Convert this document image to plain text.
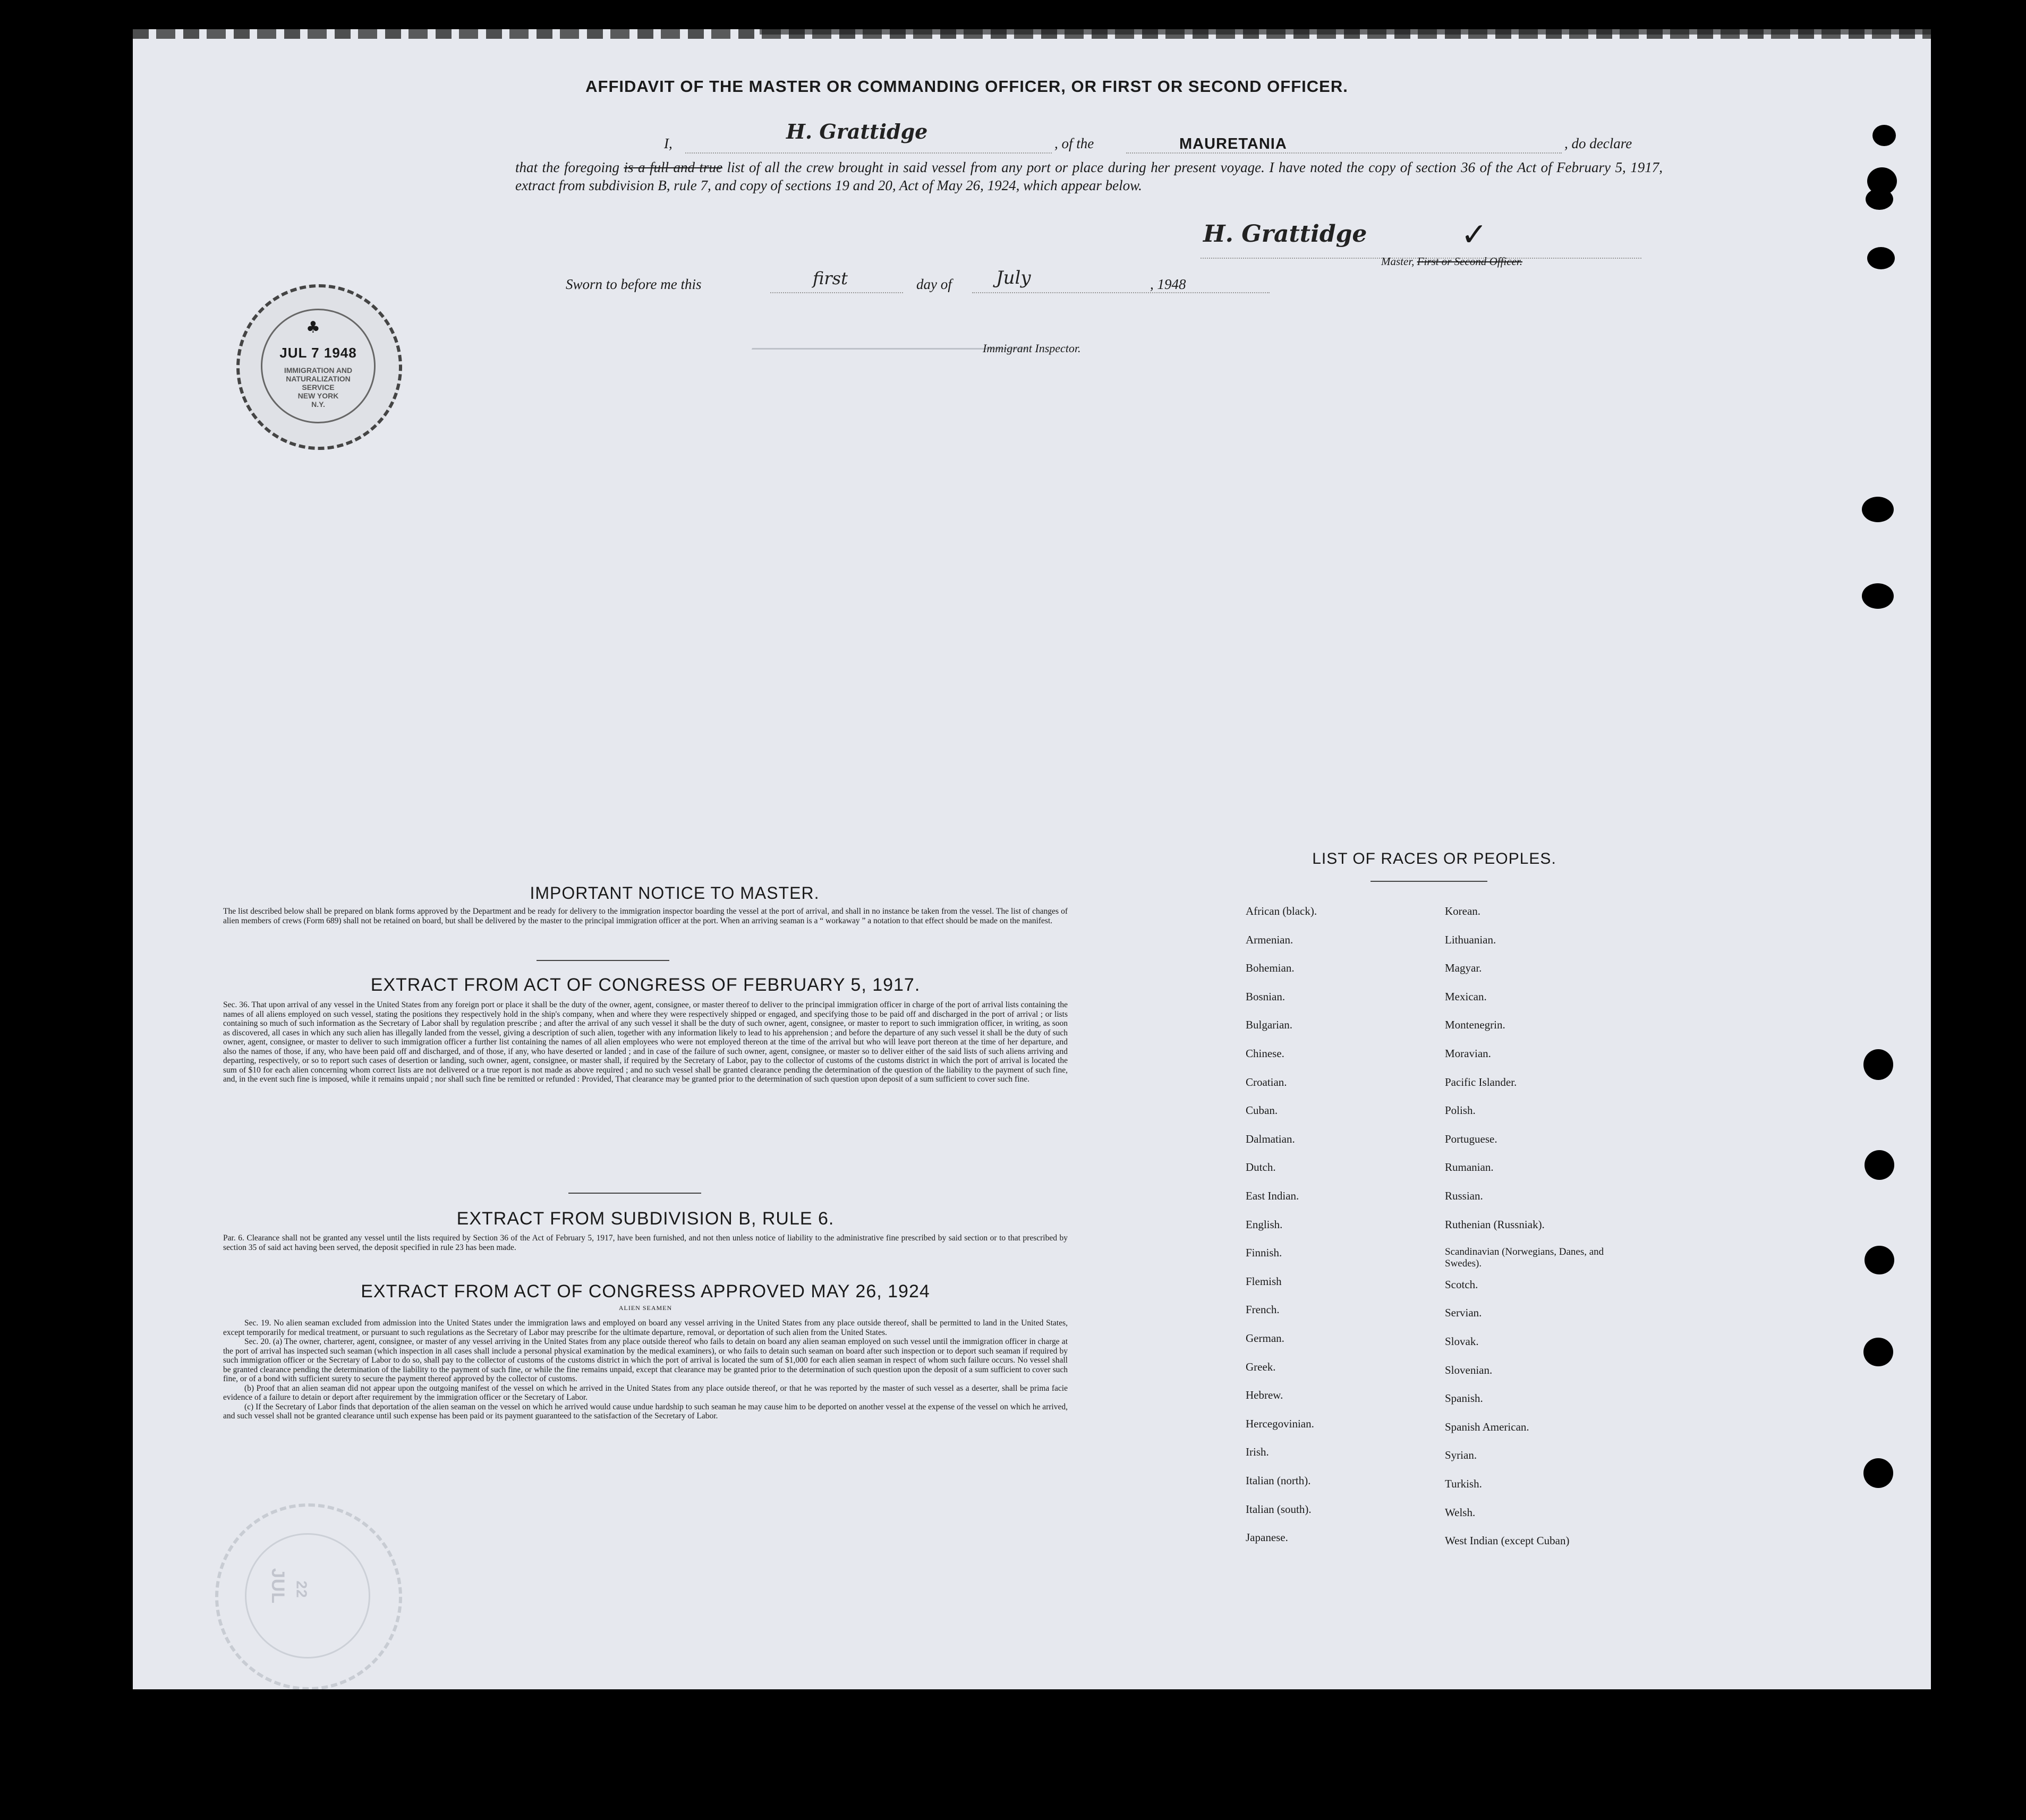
AFFIDAVIT OF THE MASTER OR COMMANDING OFFICER, OR FIRST OR SECOND OFFICER.
I,	H. Grattidge	, of the	MAURETANIA	, do declare
that the foregoing is a full and true list of all the crew brought in said vessel from any port or place during her present voyage. I have noted the copy of section 36 of the Act of February 5, 1917, extract from subdivision B, rule 7, and copy of sections 19 and 20, Act of May 26, 1924, which appear below.
H. Grattidge	✓
Master, First or Second Officer.
Sworn to before me this	first	day of July	, 1948
Immigrant Inspector.
♣
JUL 7 1948
IMMIGRATION AND
NATURALIZATION
SERVICE
NEW YORK
N.Y.
IMPORTANT NOTICE TO MASTER.
The list described below shall be prepared on blank forms approved by the Department and be ready for delivery to the immigration inspector boarding the vessel at the port of arrival, and shall in no instance be taken from the vessel. The list of changes of alien members of crews (Form 689) shall not be retained on board, but shall be delivered by the master to the principal immigration officer at the port. When an arriving seaman is a “ workaway ” a notation to that effect should be made on the manifest.
EXTRACT FROM ACT OF CONGRESS OF FEBRUARY 5, 1917.
Sec. 36. That upon arrival of any vessel in the United States from any foreign port or place it shall be the duty of the owner, agent, consignee, or master thereof to deliver to the principal immigration officer in charge of the port of arrival lists containing the names of all aliens employed on such vessel, stating the positions they respectively hold in the ship's company, when and where they were respectively shipped or engaged, and specifying those to be paid off and discharged in the port of arrival ; or lists containing so much of such information as the Secretary of Labor shall by regulation prescribe ; and after the arrival of any such vessel it shall be the duty of such owner, agent, consignee, or master to report to such immigration officer, in writing, as soon as discovered, all cases in which any such alien has illegally landed from the vessel, giving a description of such alien, together with any information likely to lead to his apprehension ; and before the departure of any such vessel it shall be the duty of such owner, agent, consignee, or master to deliver to such immigration officer a further list containing the names of all alien employees who were not employed thereon at the time of the arrival but who will leave port thereon at the time of her departure, and also the names of those, if any, who have been paid off and discharged, and of those, if any, who have deserted or landed ; and in case of the failure of such owner, agent, consignee, or master so to deliver either of the said lists of such aliens arriving and departing, respectively, or so to report such cases of desertion or landing, such owner, agent, consignee, or master shall, if required by the Secretary of Labor, pay to the collector of customs of the customs district in which the port of arrival is located the sum of $10 for each alien concerning whom correct lists are not delivered or a true report is not made as above required ; and no such vessel shall be granted clearance pending the determination of the question of the liability to the payment of such fine, and, in the event such fine is imposed, while it remains unpaid ; nor shall such fine be remitted or refunded : Provided, That clearance may be granted prior to the determination of such question upon deposit of a sum sufficient to cover such fine.
EXTRACT FROM SUBDIVISION B, RULE 6.
Par. 6. Clearance shall not be granted any vessel until the lists required by Section 36 of the Act of February 5, 1917, have been furnished, and not then unless notice of liability to the administrative fine prescribed by said section or to that prescribed by section 35 of said act having been served, the deposit specified in rule 23 has been made.
EXTRACT FROM ACT OF CONGRESS APPROVED MAY 26, 1924
ALIEN SEAMEN
Sec. 19. No alien seaman excluded from admission into the United States under the immigration laws and employed on board any vessel arriving in the United States from any place outside thereof, shall be permitted to land in the United States, except temporarily for medical treatment, or pursuant to such regulations as the Secretary of Labor may prescribe for the ultimate departure, removal, or deportation of such alien from the United States.
Sec. 20. (a) The owner, charterer, agent, consignee, or master of any vessel arriving in the United States from any place outside thereof who fails to detain on board any alien seaman employed on such vessel until the immigration officer in charge at the port of arrival has inspected such seaman (which inspection in all cases shall include a personal physical examination by the medical examiners), or who fails to detain such seaman on board after such inspection or to deport such seaman if required by such immigration officer or the Secretary of Labor to do so, shall pay to the collector of customs of the customs district in which the port of arrival is located the sum of $1,000 for each alien seaman in respect of whom such failure occurs. No vessel shall be granted clearance pending the determination of the liability to the payment of such fine, or while the fine remains unpaid, except that clearance may be granted prior to the determination of such question upon the deposit of a sum sufficient to cover such fine, or of a bond with sufficient surety to secure the payment thereof approved by the collector of customs.
(b) Proof that an alien seaman did not appear upon the outgoing manifest of the vessel on which he arrived in the United States from any place outside thereof, or that he was reported by the master of such vessel as a deserter, shall be prima facie evidence of a failure to detain or deport after requirement by the immigration officer or the Secretary of Labor.
(c) If the Secretary of Labor finds that deportation of the alien seaman on the vessel on which he arrived would cause undue hardship to such seaman he may cause him to be deported on another vessel at the expense of the vessel on which he arrived, and such vessel shall not be granted clearance until such expense has been paid or its payment guaranteed to the satisfaction of the Secretary of Labor.
JUL 22
LIST OF RACES OR PEOPLES.
African (black).
Armenian.
Bohemian.
Bosnian.
Bulgarian.
Chinese.
Croatian.
Cuban.
Dalmatian.
Dutch.
East Indian.
English.
Finnish.
Flemish
French.
German.
Greek.
Hebrew.
Hercegovinian.
Irish.
Italian (north).
Italian (south).
Japanese.
Korean.
Lithuanian.
Magyar.
Mexican.
Montenegrin.
Moravian.
Pacific Islander.
Polish.
Portuguese.
Rumanian.
Russian.
Ruthenian (Russniak).
Scandinavian (Norwegians, Danes, and Swedes).
Scotch.
Servian.
Slovak.
Slovenian.
Spanish.
Spanish American.
Syrian.
Turkish.
Welsh.
West Indian (except Cuban)
